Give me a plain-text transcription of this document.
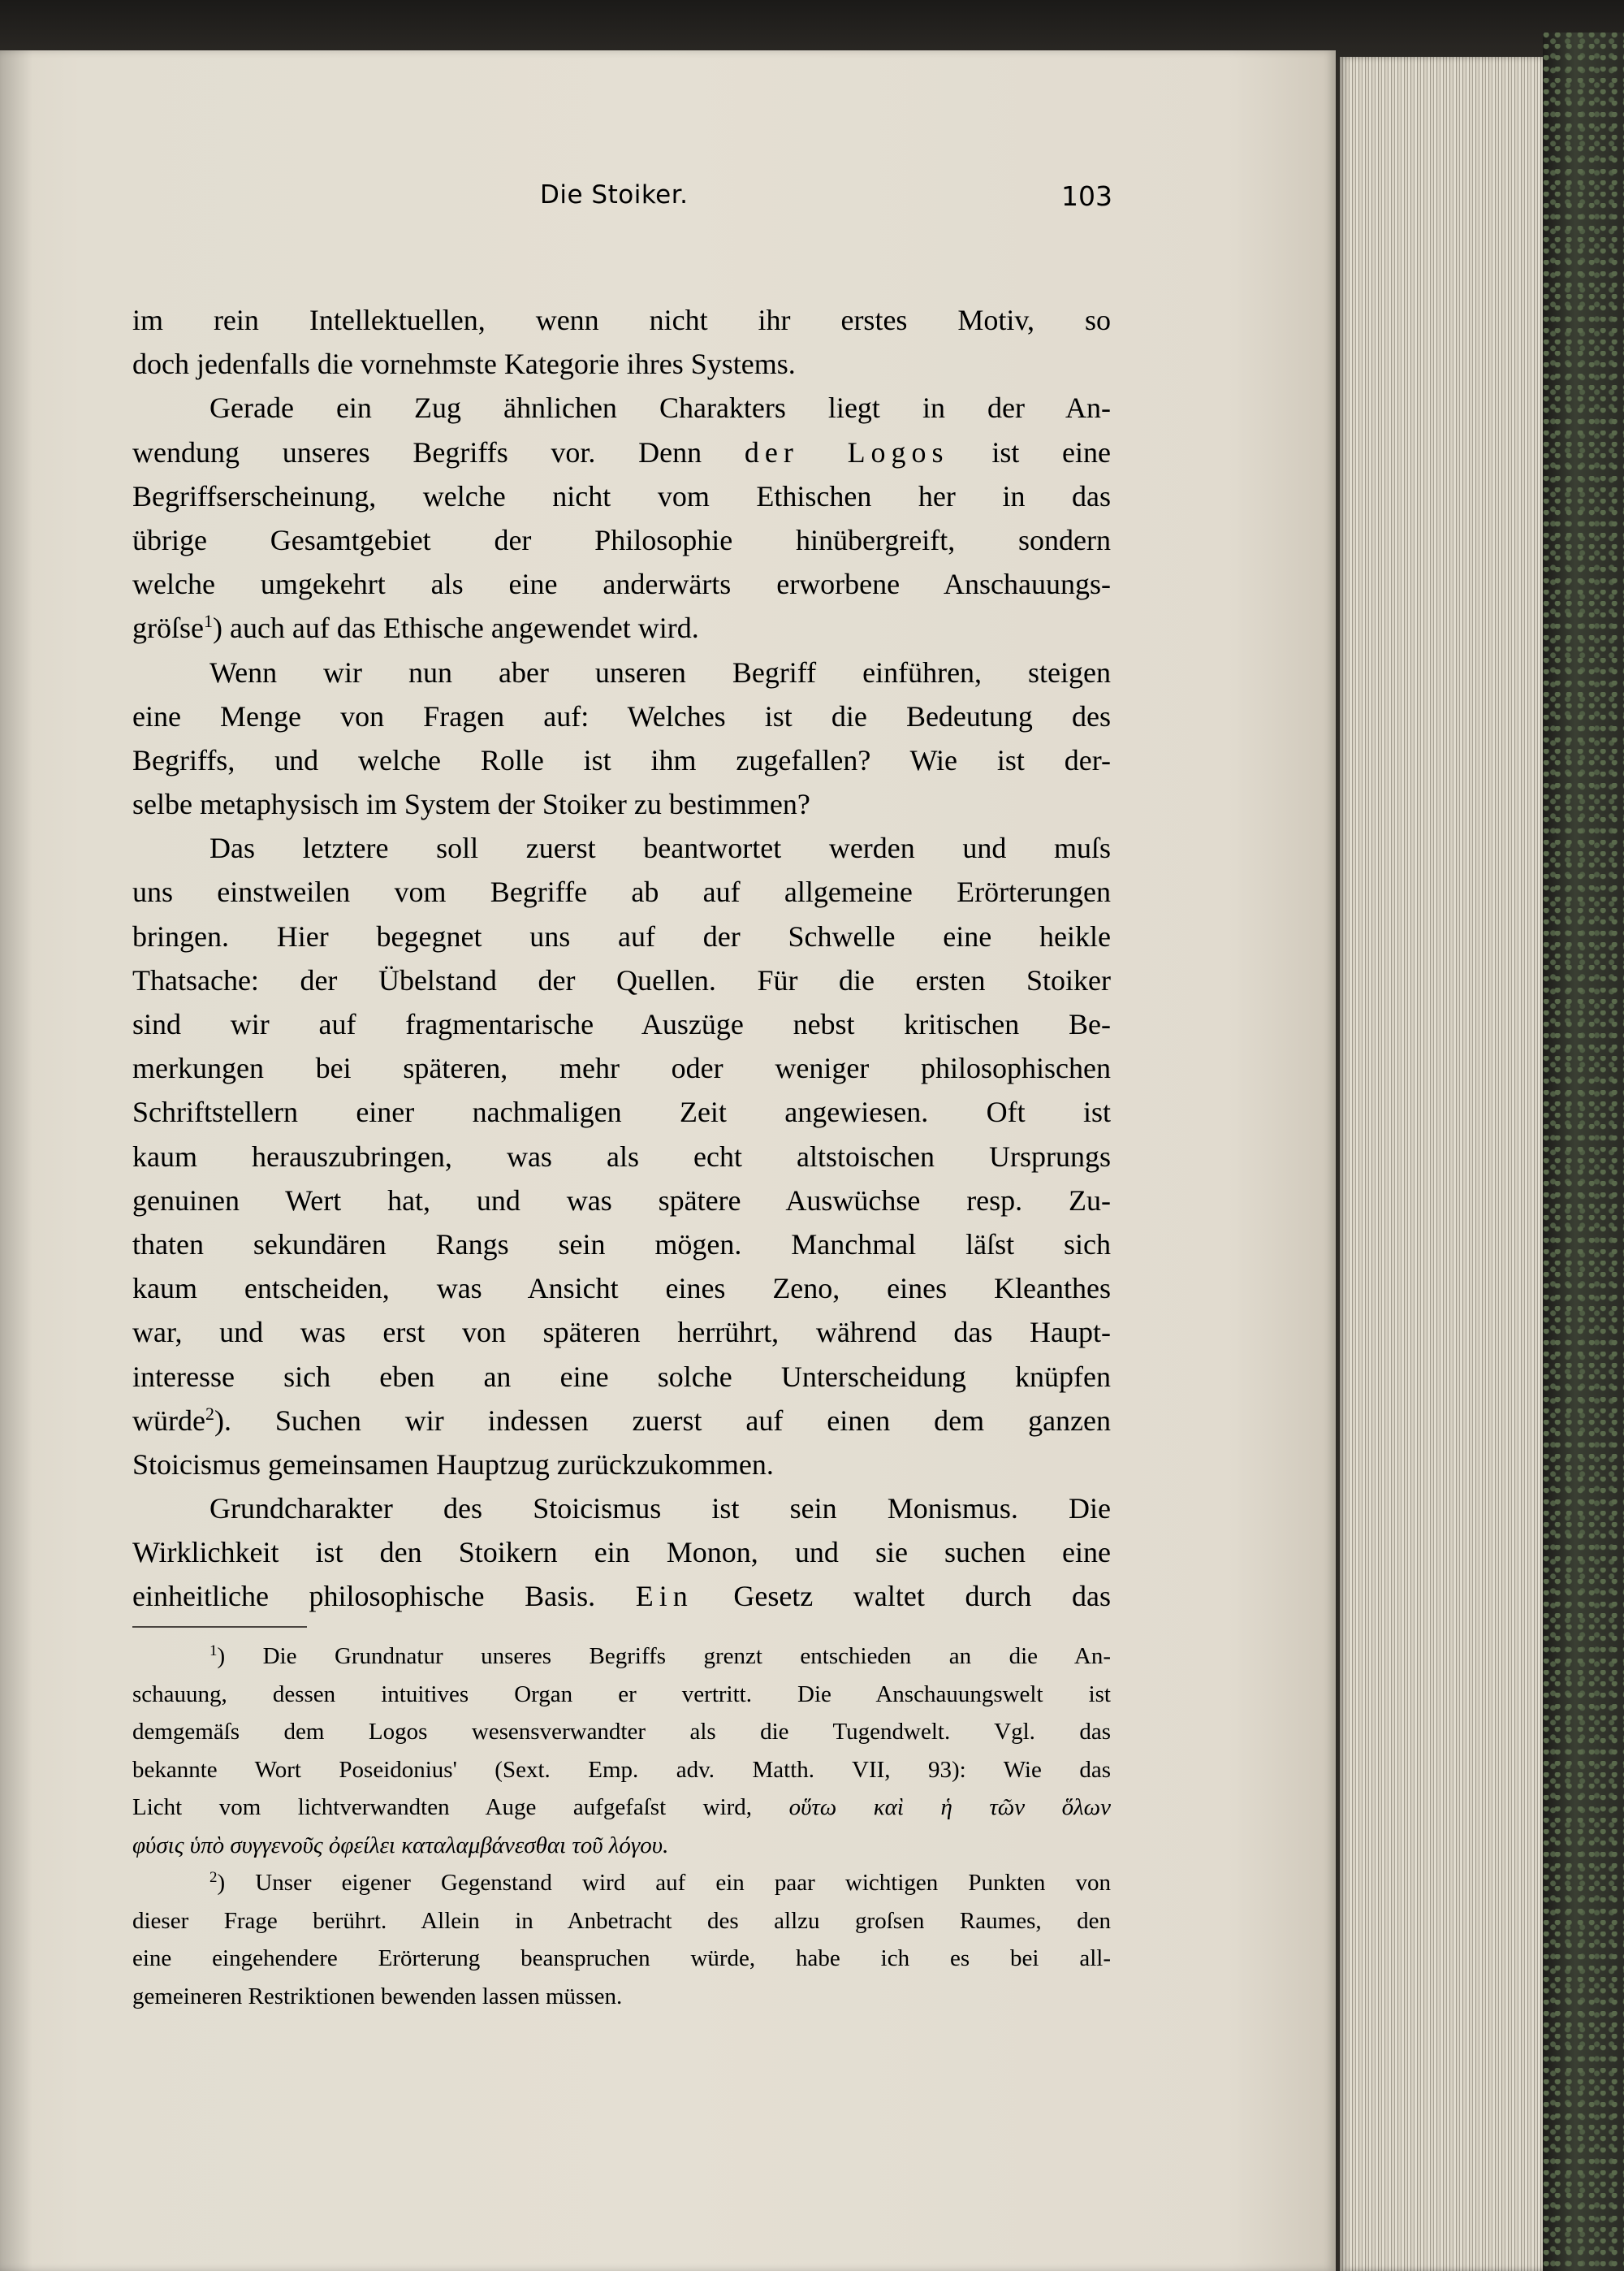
Die Stoiker.	103
im rein Intellektuellen, wenn nicht ihr erstes Motiv, so
doch jedenfalls die vornehmste Kategorie ihres Systems.
Gerade ein Zug ähnlichen Charakters liegt in der An-
wendung unseres Begriffs vor. Denn der Logos ist eine
Begriffserscheinung, welche nicht vom Ethischen her in das
übrige Gesamtgebiet der Philosophie hinübergreift, sondern
welche umgekehrt als eine anderwärts erworbene Anschauungs-
gröſse$^1$) auch auf das Ethische angewendet wird.
Wenn wir nun aber unseren Begriff einführen, steigen
eine Menge von Fragen auf: Welches ist die Bedeutung des
Begriffs, und welche Rolle ist ihm zugefallen? Wie ist der-
selbe metaphysisch im System der Stoiker zu bestimmen?
Das letztere soll zuerst beantwortet werden und muſs
uns einstweilen vom Begriffe ab auf allgemeine Erörterungen
bringen. Hier begegnet uns auf der Schwelle eine heikle
Thatsache: der Übelstand der Quellen. Für die ersten Stoiker
sind wir auf fragmentarische Auszüge nebst kritischen Be-
merkungen bei späteren, mehr oder weniger philosophischen
Schriftstellern einer nachmaligen Zeit angewiesen. Oft ist
kaum herauszubringen, was als echt altstoischen Ursprungs
genuinen Wert hat, und was spätere Auswüchse resp. Zu-
thaten sekundären Rangs sein mögen. Manchmal läſst sich
kaum entscheiden, was Ansicht eines Zeno, eines Kleanthes
war, und was erst von späteren herrührt, während das Haupt-
interesse sich eben an eine solche Unterscheidung knüpfen
würde$^2$). Suchen wir indessen zuerst auf einen dem ganzen
Stoicismus gemeinsamen Hauptzug zurückzukommen.
Grundcharakter des Stoicismus ist sein Monismus. Die
Wirklichkeit ist den Stoikern ein Monon, und sie suchen eine
einheitliche philosophische Basis. Ein Gesetz waltet durch das
$^1$) Die Grundnatur unseres Begriffs grenzt entschieden an die An-
schauung, dessen intuitives Organ er vertritt. Die Anschauungswelt ist
demgemäſs dem Logos wesensverwandter als die Tugendwelt. Vgl. das
bekannte Wort Poseidonius' (Sext. Emp. adv. Matth. VII, 93): Wie das
Licht vom lichtverwandten Auge aufgefaſst wird, οὕτω καὶ ἡ τῶν ὅλων
φύσις ὑπὸ συγγενοῦς ὀφείλει καταλαμβάνεσθαι τοῦ λόγου.
$^2$) Unser eigener Gegenstand wird auf ein paar wichtigen Punkten von
dieser Frage berührt. Allein in Anbetracht des allzu groſsen Raumes, den
eine eingehendere Erörterung beanspruchen würde, habe ich es bei all-
gemeineren Restriktionen bewenden lassen müssen.
